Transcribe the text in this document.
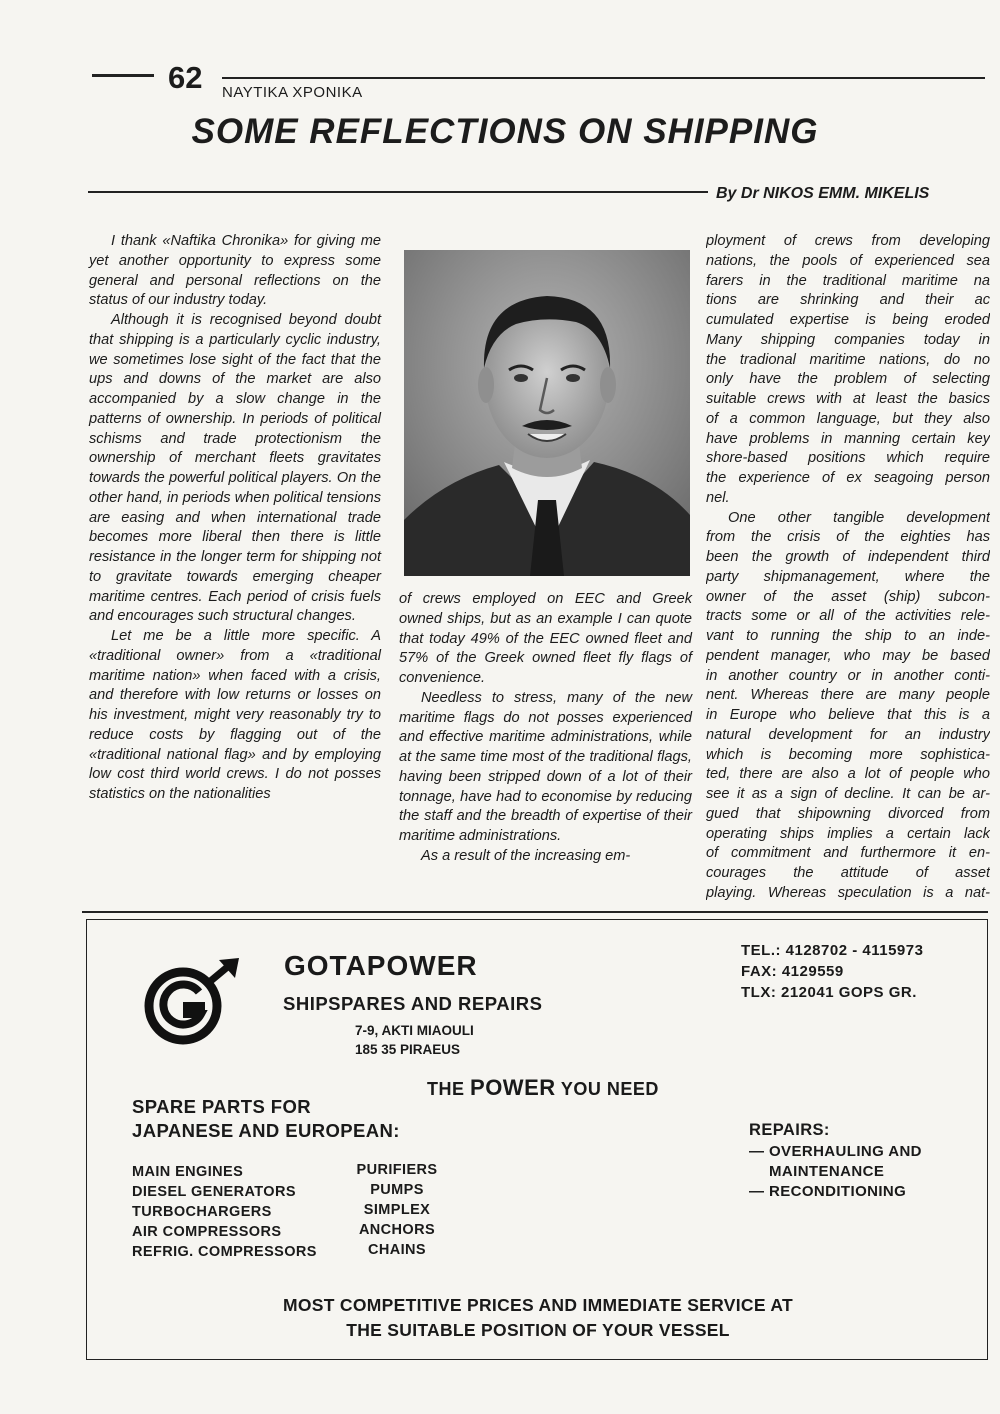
62 ΝΑΥΤΙΚΑ ΧΡΟΝΙΚΑ
SOME REFLECTIONS ON SHIPPING
By Dr NIKOS EMM. MIKELIS

I thank «Naftika Chronika» for giving me yet another opportunity to express some general and personal reflections on the status of our industry today.

Although it is recognised beyond doubt that shipping is a particularly cyclic industry, we sometimes lose sight of the fact that the ups and downs of the market are also accompanied by a slow change in the patterns of ownership. In periods of political schisms and trade protectionism the ownership of merchant fleets gravitates towards the powerful political players. On the other hand, in periods when political tensions are easing and when international trade becomes more liberal then there is little resistance in the longer term for shipping not to gravitate towards emerging cheaper maritime centres. Each period of crisis fuels and encourages such structural changes.

Let me be a little more specific. A «traditional owner» from a «traditional maritime nation» when faced with a crisis, and therefore with low returns or losses on his investment, might very reasonably try to reduce costs by flagging out of the «traditional national flag» and by employing low cost third world crews. I do not posses statistics on the nationalities

of crews employed on EEC and Greek owned ships, but as an example I can quote that today 49% of the EEC owned fleet and 57% of the Greek owned fleet fly flags of convenience.

Needless to stress, many of the new maritime flags do not posses experienced and effective maritime administrations, while at the same time most of the traditional flags, having been stripped down of a lot of their tonnage, have had to economise by reducing the staff and the breadth of expertise of their maritime administrations.

As a result of the increasing em-

ployment of crews from developing
nations, the pools of experienced sea
farers in the traditional maritime na
tions are shrinking and their ac
cumulated expertise is being eroded
Many shipping companies today in
the tradional maritime nations, do no
only have the problem of selecting
suitable crews with at least the basics
of a common language, but they also
have problems in manning certain key
shore-based positions which require
the experience of ex seagoing person
nel.
One other tangible development
from the crisis of the eighties has
been the growth of independent third
party shipmanagement, where the
owner of the asset (ship) subcon-
tracts some or all of the activities rele-
vant to running the ship to an inde-
pendent manager, who may be based
in another country or in another conti-
nent. Whereas there are many people
in Europe who believe that this is a
natural development for an industry
which is becoming more sophistica-
ted, there are also a lot of people who
see it as a sign of decline. It can be ar-
gued that shipowning divorced from
operating ships implies a certain lack
of commitment and furthermore it en-
courages the attitude of asset
playing. Whereas speculation is a nat-
GOTAPOWER
SHIPSPARES AND REPAIRS
7-9, AKTI MIAOULI
185 35 PIRAEUS
TEL.: 4128702 - 4115973
FAX: 4129559
TLX: 212041 GOPS GR.
THE POWER YOU NEED
SPARE PARTS FOR
JAPANESE AND EUROPEAN:
MAIN ENGINES
DIESEL GENERATORS
TURBOCHARGERS
AIR COMPRESSORS
REFRIG. COMPRESSORS
PURIFIERS
PUMPS
SIMPLEX
ANCHORS
CHAINS
REPAIRS:
— OVERHAULING AND
MAINTENANCE
— RECONDITIONING
MOST COMPETITIVE PRICES AND IMMEDIATE SERVICE AT
THE SUITABLE POSITION OF YOUR VESSEL
